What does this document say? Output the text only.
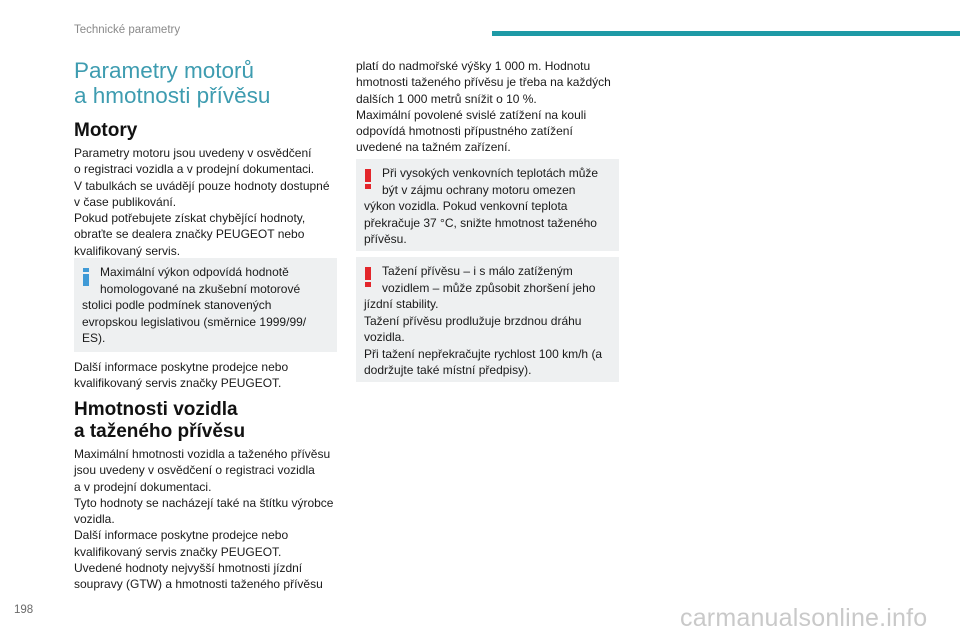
Technické parametry
Parametry motorů
a hmotnosti přívěsu
Motory
Parametry motoru jsou uvedeny v osvědčení
o registraci vozidla a v prodejní dokumentaci.
V tabulkách se uvádějí pouze hodnoty dostupné
v čase publikování.
Pokud potřebujete získat chybějící hodnoty,
obraťte se dealera značky PEUGEOT nebo
kvalifikovaný servis.
Maximální výkon odpovídá hodnotě
homologované na zkušební motorové
stolici podle podmínek stanovených
evropskou legislativou (směrnice 1999/99/
ES).
Další informace poskytne prodejce nebo
kvalifikovaný servis značky PEUGEOT.
Hmotnosti vozidla
a taženého přívěsu
Maximální hmotnosti vozidla a taženého přívěsu
jsou uvedeny v osvědčení o registraci vozidla
a v prodejní dokumentaci.
Tyto hodnoty se nacházejí také na štítku výrobce
vozidla.
Další informace poskytne prodejce nebo
kvalifikovaný servis značky PEUGEOT.
Uvedené hodnoty nejvyšší hmotnosti jízdní
soupravy (GTW) a hmotnosti taženého přívěsu
platí do nadmořské výšky 1 000 m. Hodnotu
hmotnosti taženého přívěsu je třeba na každých
dalších 1 000 metrů snížit o 10 %.
Maximální povolené svislé zatížení na kouli
odpovídá hmotnosti přípustného zatížení
uvedené na tažném zařízení.
Při vysokých venkovních teplotách může
být v zájmu ochrany motoru omezen
výkon vozidla. Pokud venkovní teplota
překračuje 37 °C, snižte hmotnost taženého
přívěsu.
Tažení přívěsu – i s málo zatíženým
vozidlem – může způsobit zhoršení jeho
jízdní stability.
Tažení přívěsu prodlužuje brzdnou dráhu
vozidla.
Při tažení nepřekračujte rychlost 100 km/h (a
dodržujte také místní předpisy).
198	carmanualsonline.info
